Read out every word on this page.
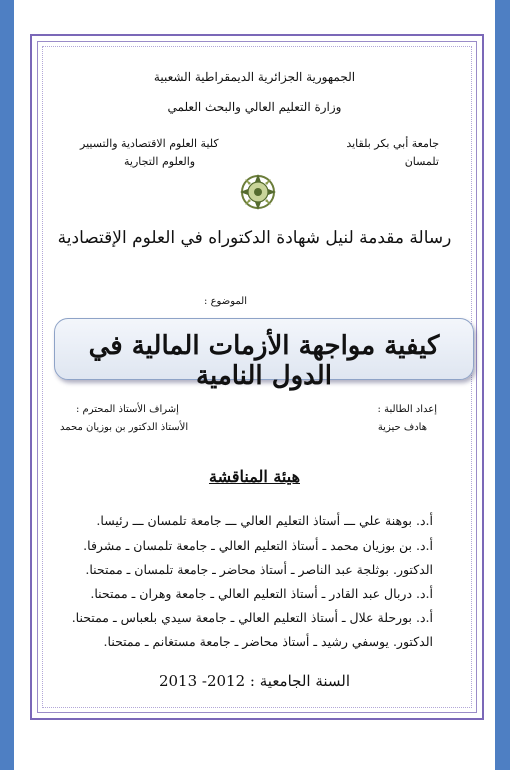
الجمهورية الجزائرية الديمقراطية الشعبية
وزارة التعليم العالي والبحث العلمي
جامعة أبي بكر بلقايد
تلمسان
كلية العلوم الاقتصادية والتسيير
والعلوم التجارية
رسالة مقدمة لنيل شهادة الدكتوراه في العلوم الإقتصادية
الموضوع :
كيفية مواجهة الأزمات المالية في الدول النامية
إعداد الطالبة :
هادف حيزية
إشراف الأستاذ المحترم :
الأستاذ الدكتور بن بوزيان محمد
هيئة المناقشة
أ.د. بوهنة علي ـــ أستاذ التعليم العالي ـــ جامعة تلمسان ـــ رئيسا.
أ.د. بن بوزيان محمد ـ أستاذ التعليم العالي ـ جامعة تلمسان ـ مشرفا.
الدكتور. بوثلجة عبد الناصر ـ أستاذ محاضر ـ جامعة تلمسان ـ ممتحنا.
أ.د. دربال عبد القادر ـ أستاذ التعليم العالي ـ جامعة وهران ـ ممتحنا.
أ.د. بورحلة علال ـ أستاذ التعليم العالي ـ جامعة سيدي بلعباس ـ ممتحنا.
الدكتور. يوسفي رشيد ـ أستاذ محاضر ـ جامعة مستغانم ـ ممتحنا.
السنة الجامعية : 2012- 2013
